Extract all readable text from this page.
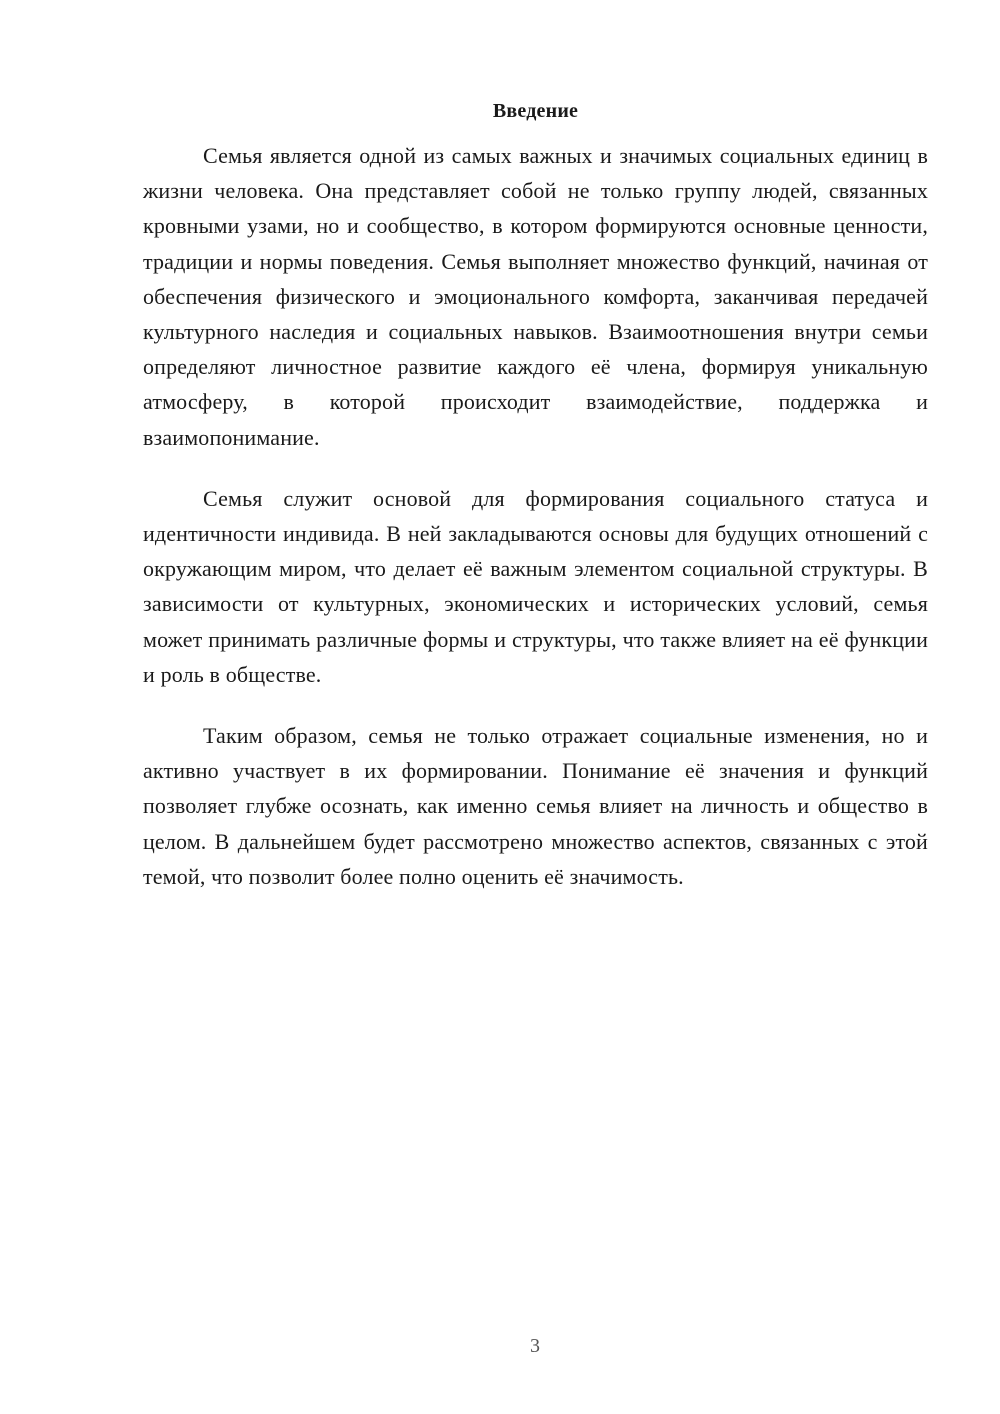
Введение

Семья является одной из самых важных и значимых социальных единиц в жизни человека. Она представляет собой не только группу людей, связанных кровными узами, но и сообщество, в котором формируются основные ценности, традиции и нормы поведения. Семья выполняет множество функций, начиная от обеспечения физического и эмоционального комфорта, заканчивая передачей культурного наследия и социальных навыков. Взаимоотношения внутри семьи определяют личностное развитие каждого её члена, формируя уникальную атмосферу, в которой происходит взаимодействие, поддержка и взаимопонимание.

Семья служит основой для формирования социального статуса и идентичности индивида. В ней закладываются основы для будущих отношений с окружающим миром, что делает её важным элементом социальной структуры. В зависимости от культурных, экономических и исторических условий, семья может принимать различные формы и структуры, что также влияет на её функции и роль в обществе.

Таким образом, семья не только отражает социальные изменения, но и активно участвует в их формировании. Понимание её значения и функций позволяет глубже осознать, как именно семья влияет на личность и общество в целом. В дальнейшем будет рассмотрено множество аспектов, связанных с этой темой, что позволит более полно оценить её значимость.

3
